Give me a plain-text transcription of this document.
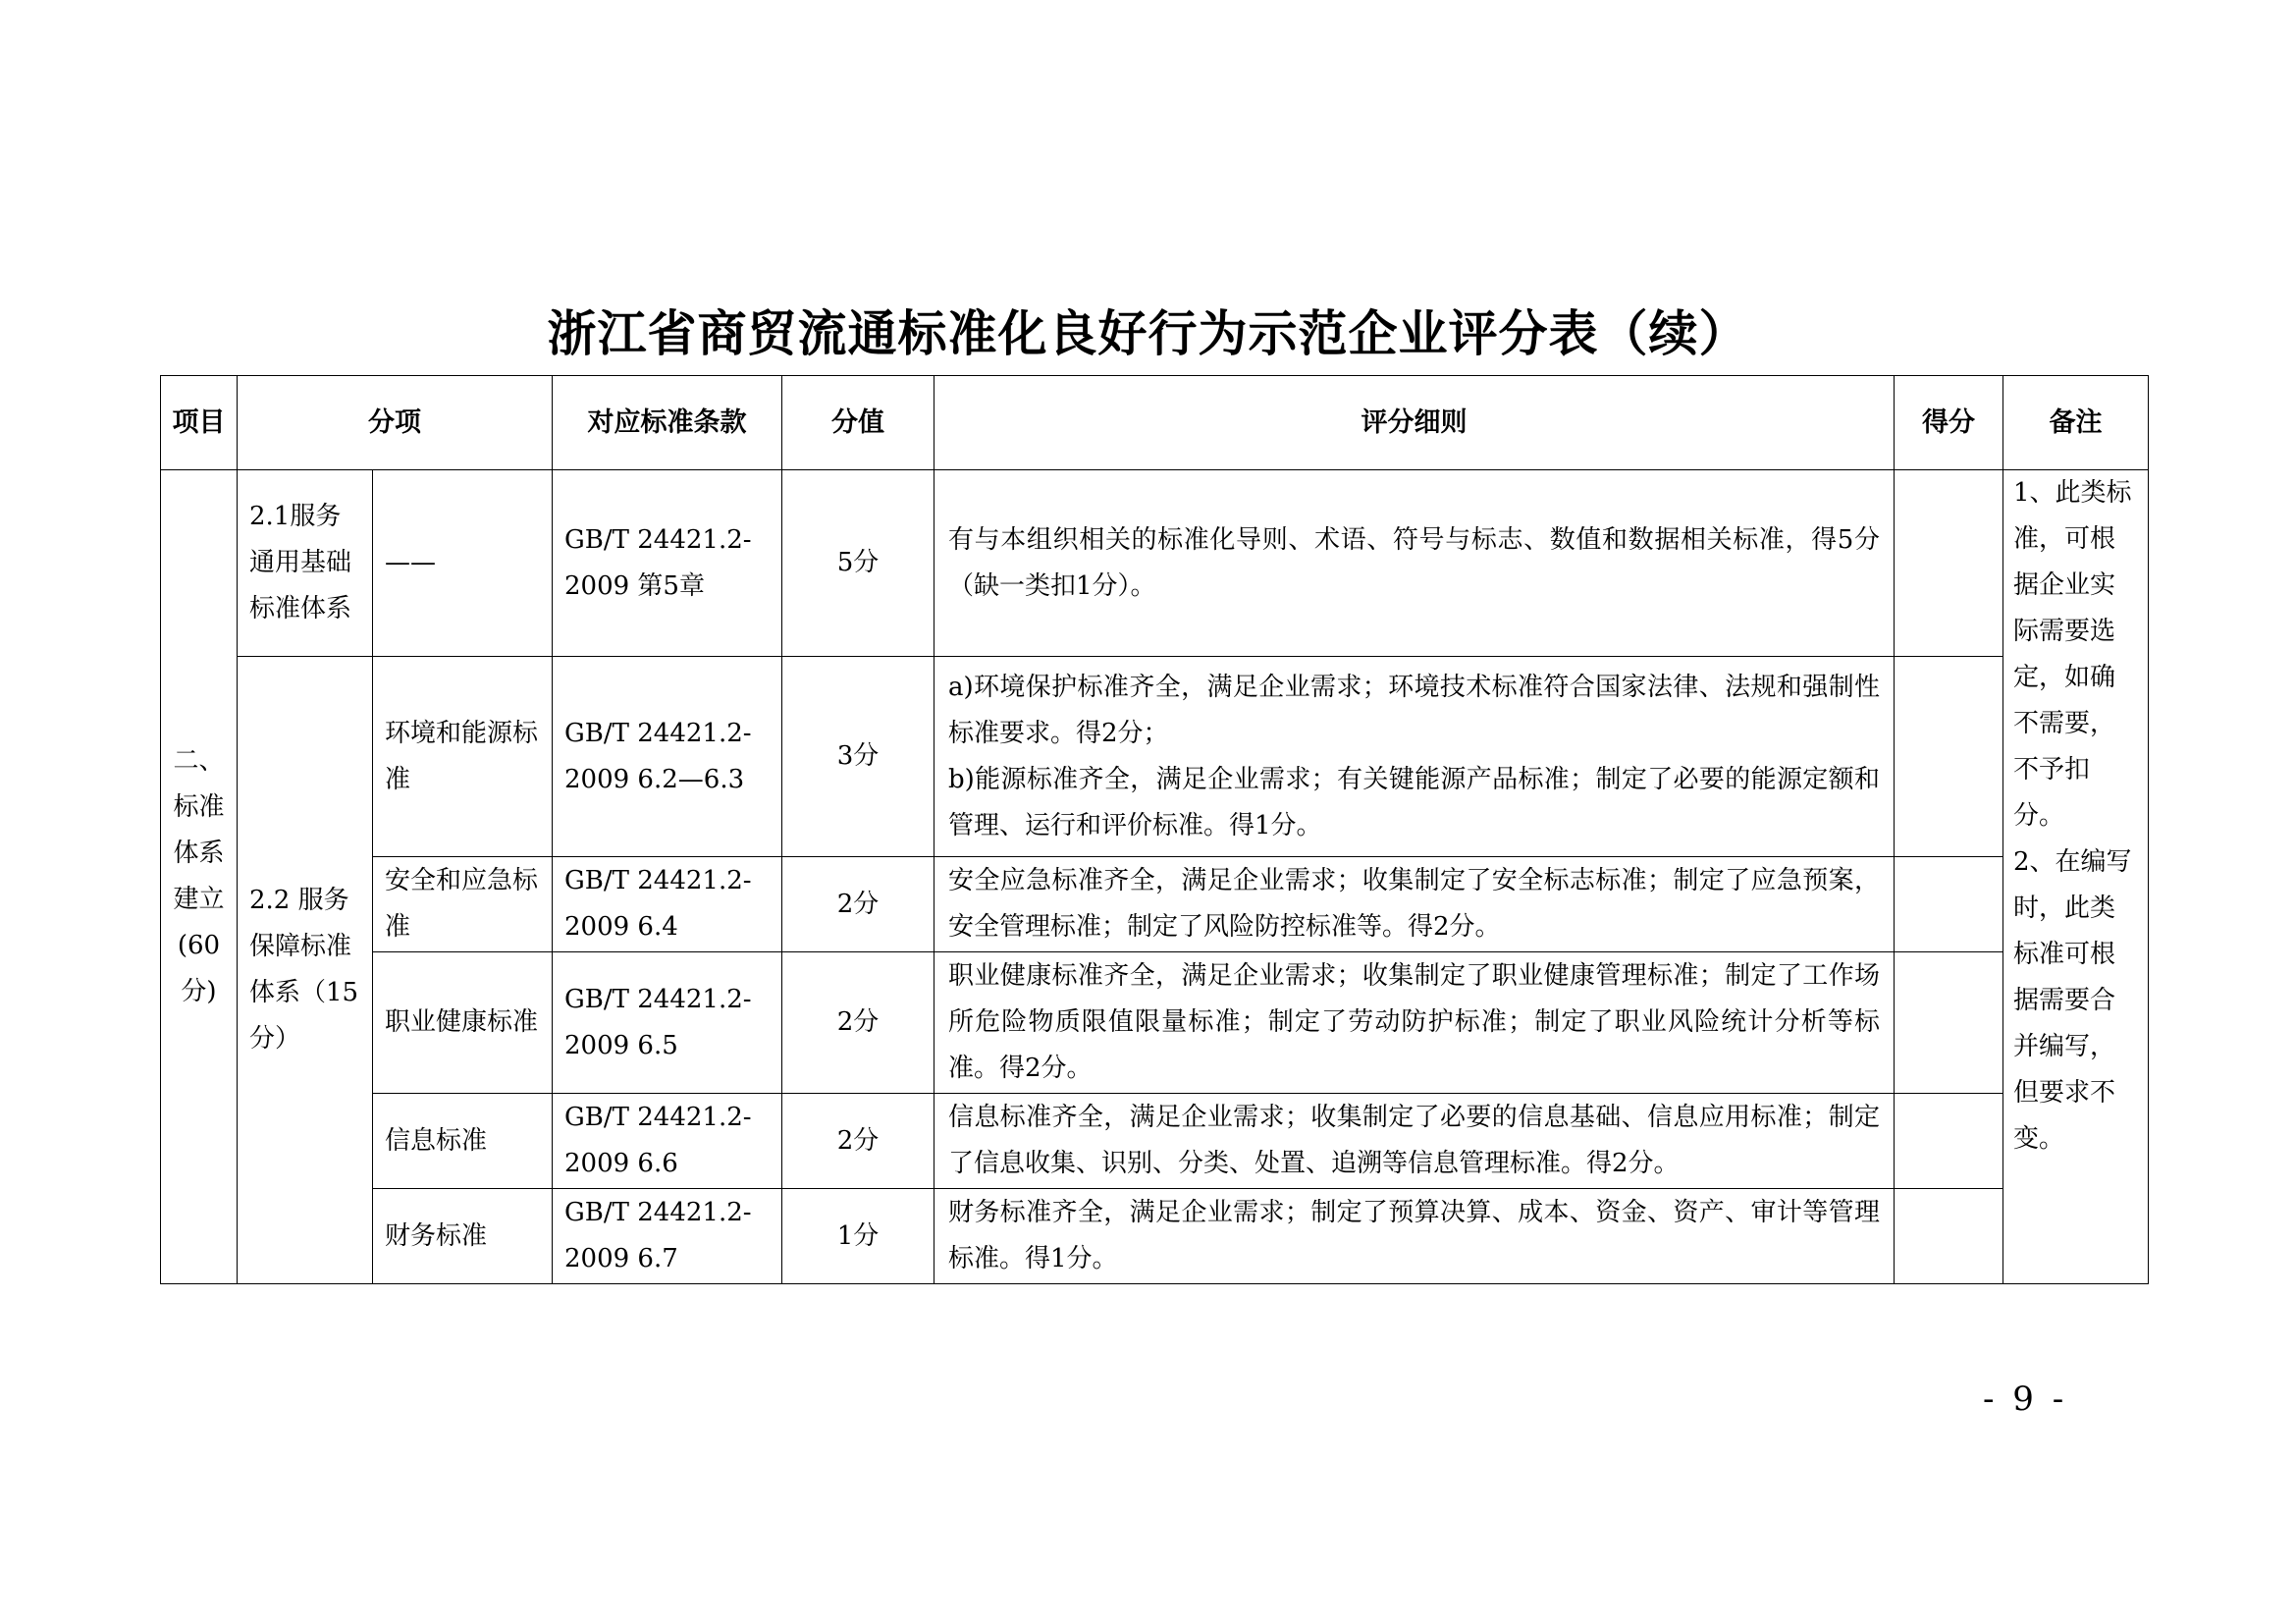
浙江省商贸流通标准化良好行为示范企业评分表（续）
项目	分项		对应标准条款	分值	评分细则	得分	备注
二、标准体系建立(60分)	2.1服务通用基础标准体系	——	GB/T 24421.2-2009 第5章	5分	有与本组织相关的标准化导则、术语、符号与标志、数值和数据相关标准，得5分（缺一类扣1分）。		1、此类标准，可根据企业实际需要选定，如确不需要，不予扣分。
2、在编写时，此类标准可根据需要合并编写，但要求不变。

	2.2 服务保障标准体系（15分）	环境和能源标准	GB/T 24421.2-2009 6.2—6.3	3分	a)环境保护标准齐全，满足企业需求；环境技术标准符合国家法律、法规和强制性标准要求。得2分；
b)能源标准齐全，满足企业需求；有关键能源产品标准；制定了必要的能源定额和管理、运行和评价标准。得1分。		

		安全和应急标准	GB/T 24421.2-2009 6.4	2分	安全应急标准齐全，满足企业需求；收集制定了安全标志标准；制定了应急预案，安全管理标准；制定了风险防控标准等。得2分。		
		职业健康标准	GB/T 24421.2-2009 6.5	2分	职业健康标准齐全，满足企业需求；收集制定了职业健康管理标准；制定了工作场所危险物质限值限量标准；制定了劳动防护标准；制定了职业风险统计分析等标准。得2分。		
		信息标准	GB/T 24421.2-2009 6.6	2分	信息标准齐全，满足企业需求；收集制定了必要的信息基础、信息应用标准；制定了信息收集、识别、分类、处置、追溯等信息管理标准。得2分。		
		财务标准	GB/T 24421.2-2009 6.7	1分	财务标准齐全，满足企业需求；制定了预算决算、成本、资金、资产、审计等管理标准。得1分。		
- 9 -
